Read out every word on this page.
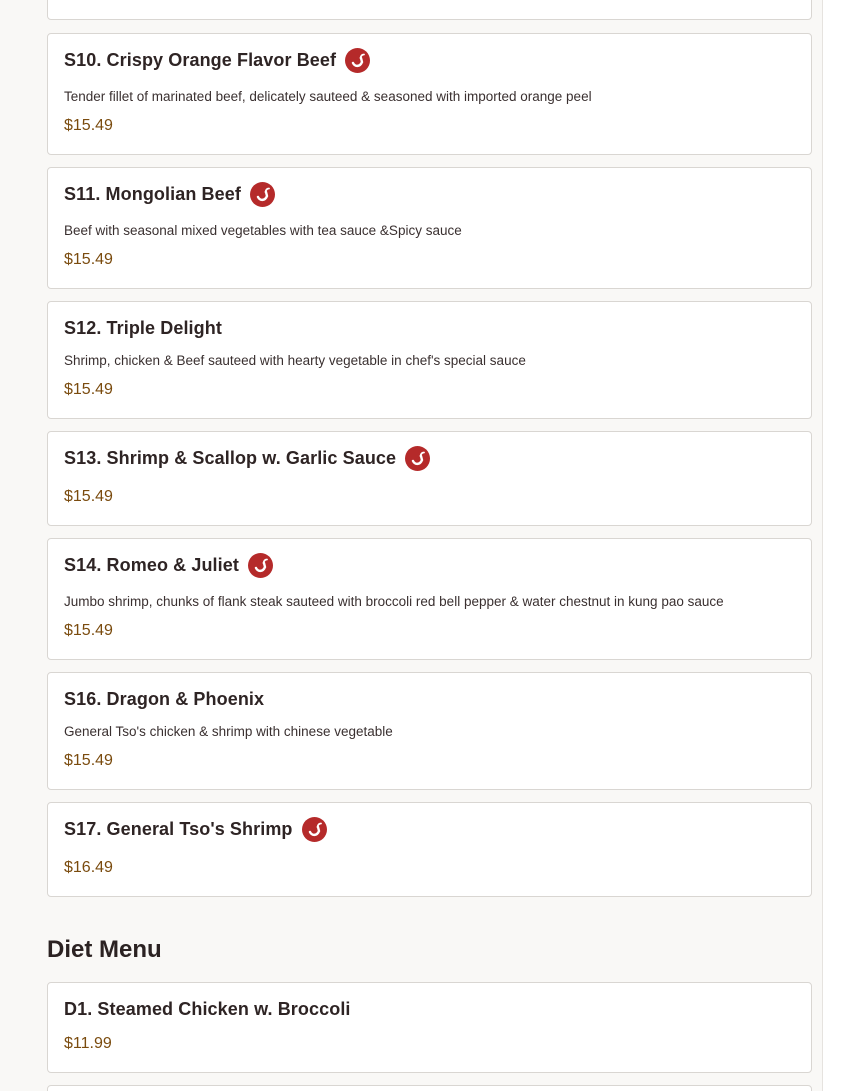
S10. Crispy Orange Flavor Beef
Tender fillet of marinated beef, delicately sauteed & seasoned with imported orange peel
$15.49
S11. Mongolian Beef
Beef with seasonal mixed vegetables with tea sauce &Spicy sauce
$15.49
S12. Triple Delight
Shrimp, chicken & Beef sauteed with hearty vegetable in chef's special sauce
$15.49
S13. Shrimp & Scallop w. Garlic Sauce
$15.49
S14. Romeo & Juliet
Jumbo shrimp, chunks of flank steak sauteed with broccoli red bell pepper & water chestnut in kung pao sauce
$15.49
S16. Dragon & Phoenix
General Tso's chicken & shrimp with chinese vegetable
$15.49
S17. General Tso's Shrimp
$16.49
Diet Menu
D1. Steamed Chicken w. Broccoli
$11.99
